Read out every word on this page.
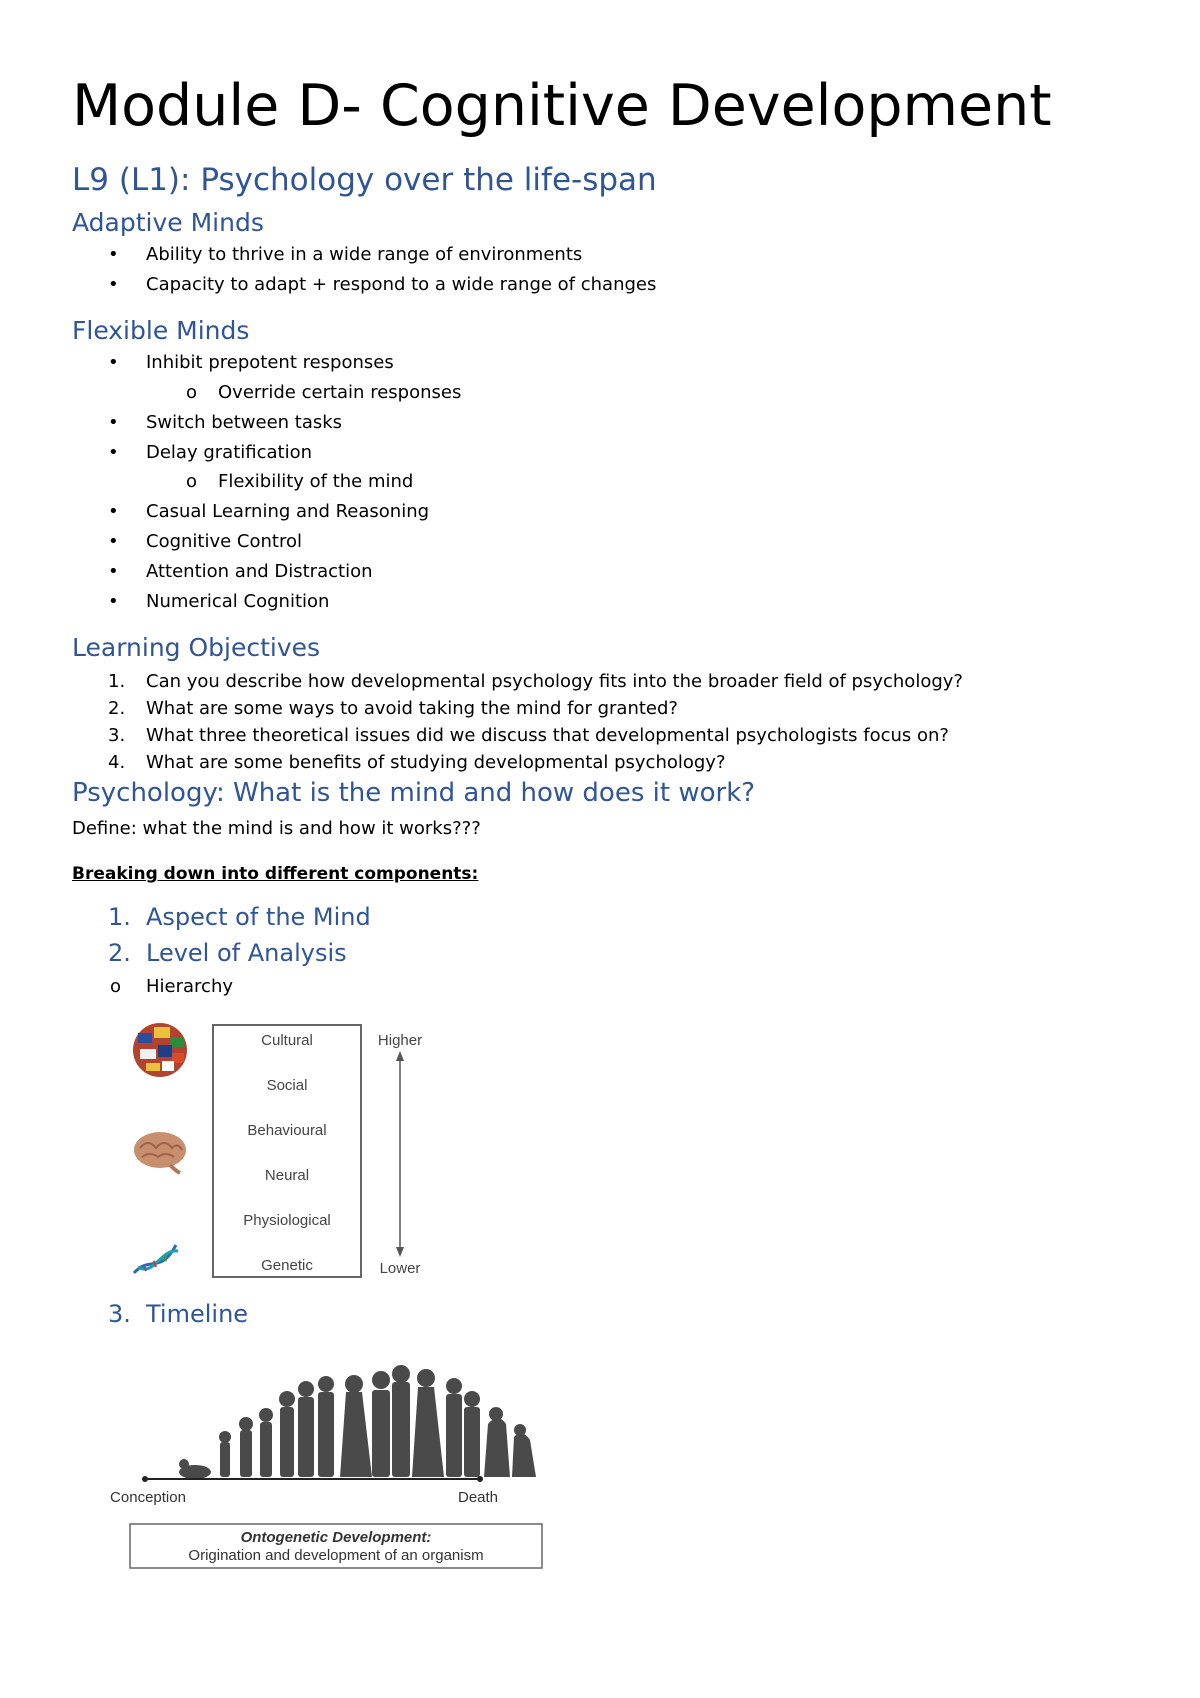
Module D- Cognitive Development
L9 (L1): Psychology over the life-span
Adaptive Minds
• Ability to thrive in a wide range of environments
• Capacity to adapt + respond to a wide range of changes
Flexible Minds
• Inhibit prepotent responses
o Override certain responses
• Switch between tasks
• Delay gratification
o Flexibility of the mind
• Casual Learning and Reasoning
• Cognitive Control
• Attention and Distraction
• Numerical Cognition
Learning Objectives
1. Can you describe how developmental psychology fits into the broader field of psychology?
2. What are some ways to avoid taking the mind for granted?
3. What three theoretical issues did we discuss that developmental psychologists focus on?
4. What are some benefits of studying developmental psychology?
Psychology: What is the mind and how does it work?
Define: what the mind is and how it works???
Breaking down into different components:
1. Aspect of the Mind
2. Level of Analysis
o Hierarchy
Cultural
Social
Behavioural
Neural
Physiological
Genetic
Higher
Lower
3. Timeline
Conception	Death
Ontogenetic Development:
Origination and development of an organism
